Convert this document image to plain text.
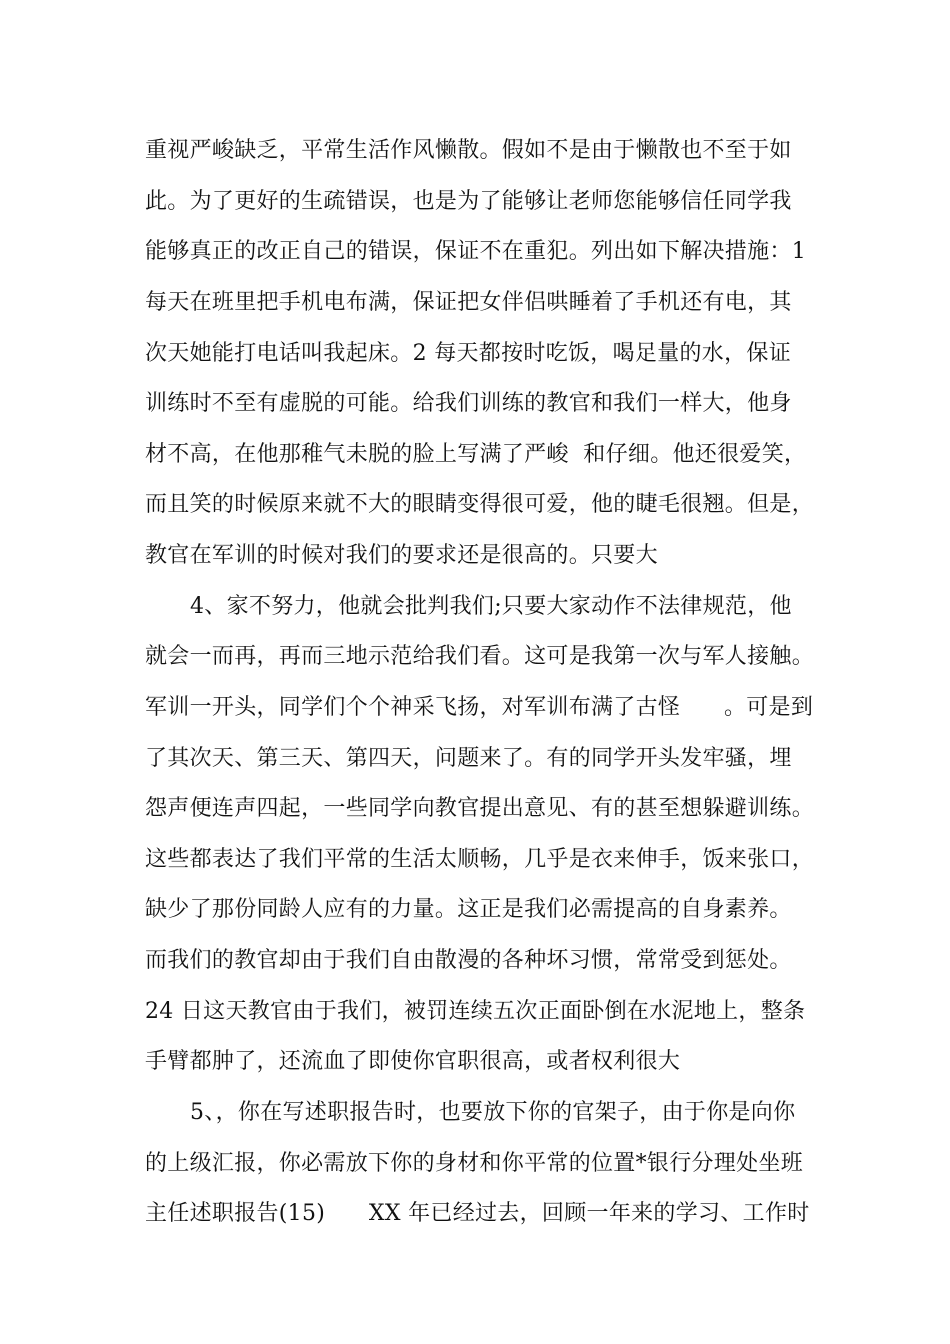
重视严峻缺乏，平常生活作风懒散。假如不是由于懒散也不至于如
此。为了更好的生疏错误，也是为了能够让老师您能够信任同学我
能够真正的改正自己的错误，保证不在重犯。列出如下解决措施：1
每天在班里把手机电布满，保证把女伴侣哄睡着了手机还有电，其
次天她能打电话叫我起床。2 每天都按时吃饭，喝足量的水，保证
训练时不至有虚脱的可能。给我们训练的教官和我们一样大，他身
材不高，在他那稚气未脱的脸上写满了严峻  和仔细。他还很爱笑，
而且笑的时候原来就不大的眼睛变得很可爱，他的睫毛很翘。但是，
教官在军训的时候对我们的要求还是很高的。只要大
4、家不努力，他就会批判我们;只要大家动作不法律规范，他
就会一而再，再而三地示范给我们看。这可是我第一次与军人接触。
军训一开头，同学们个个神采飞扬，对军训布满了古怪      。可是到
了其次天、第三天、第四天，问题来了。有的同学开头发牢骚，埋
怨声便连声四起，一些同学向教官提出意见、有的甚至想躲避训练。
这些都表达了我们平常的生活太顺畅，几乎是衣来伸手，饭来张口，
缺少了那份同龄人应有的力量。这正是我们必需提高的自身素养。
而我们的教官却由于我们自由散漫的各种坏习惯，常常受到惩处。
24 日这天教官由于我们，被罚连续五次正面卧倒在水泥地上，整条
手臂都肿了，还流血了即使你官职很高，或者权利很大
5、，你在写述职报告时，也要放下你的官架子，由于你是向你
的上级汇报，你必需放下你的身材和你平常的位置*银行分理处坐班
主任述职报告(15)      XX 年已经过去，回顾一年来的学习、工作时
